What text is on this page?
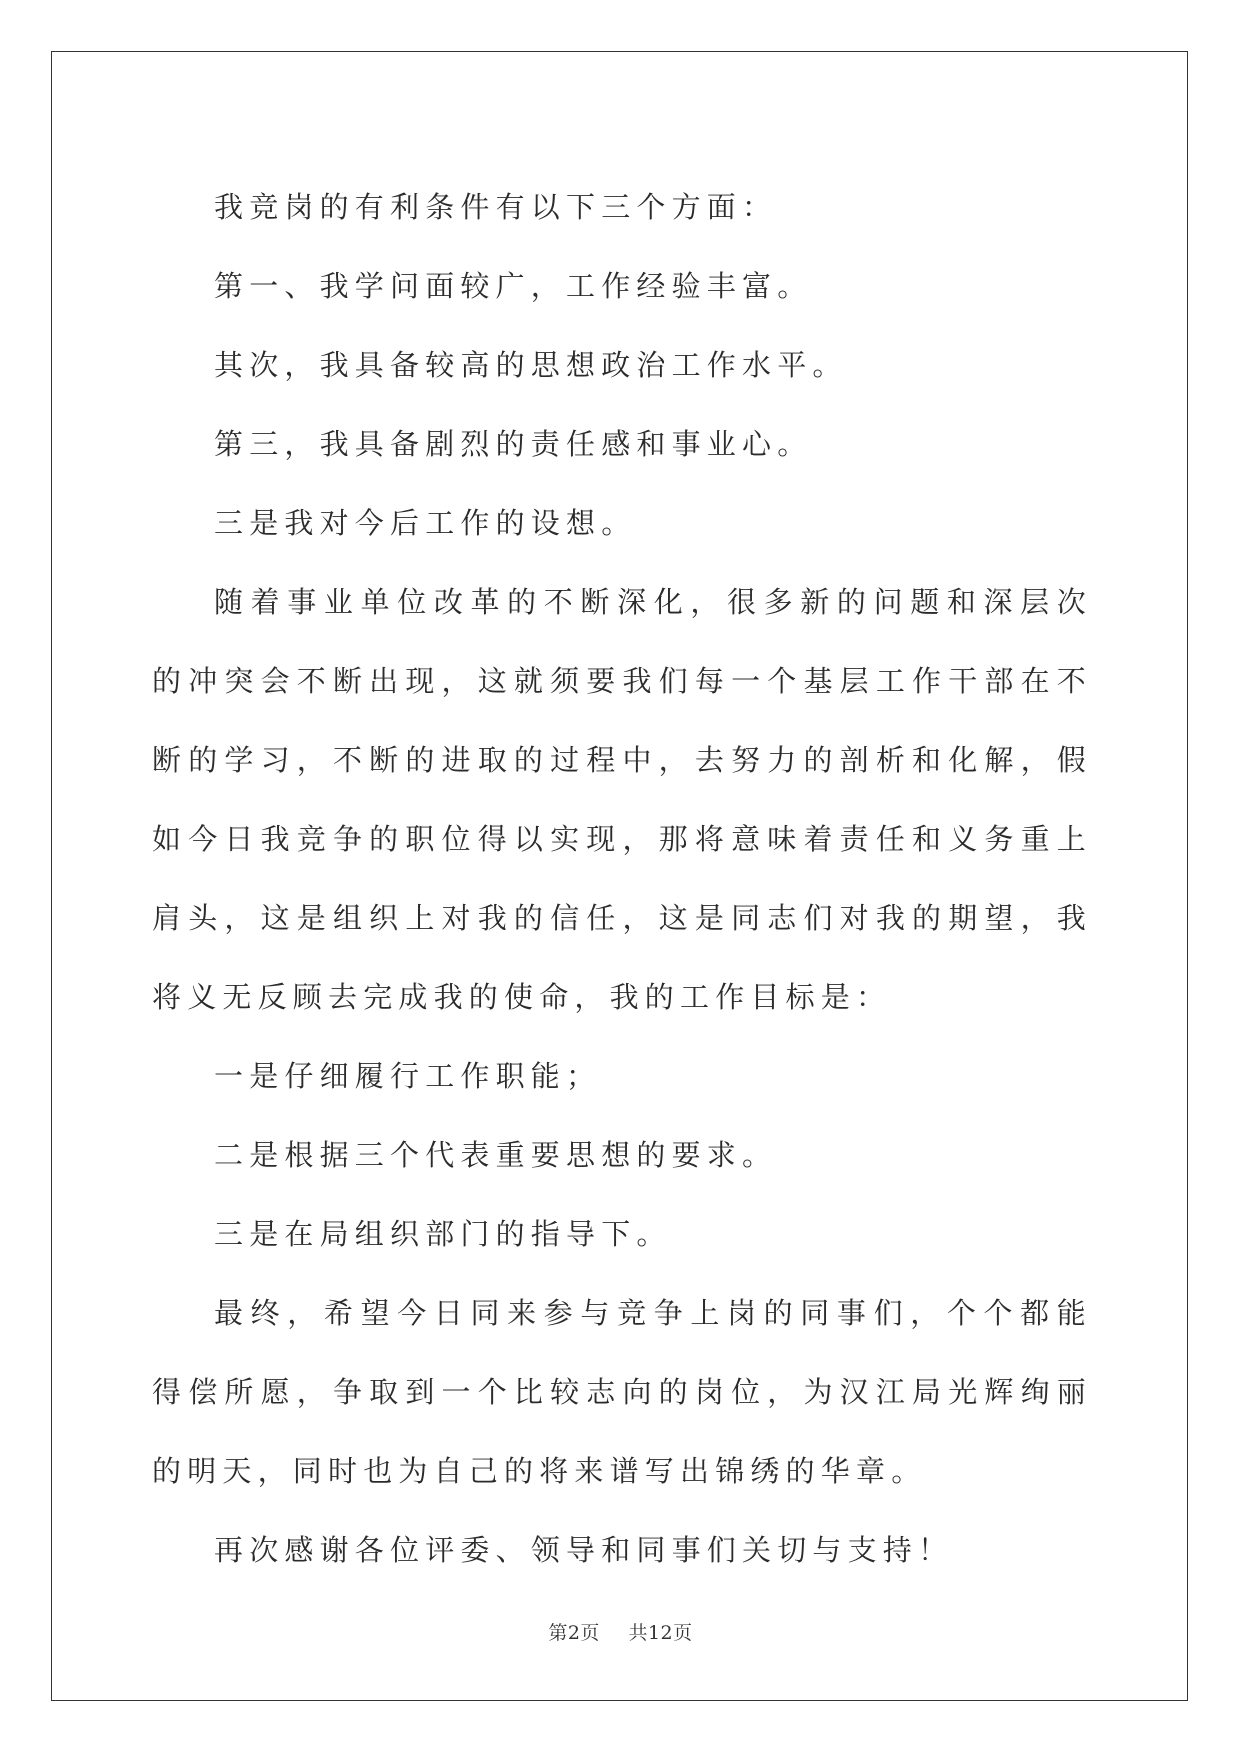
我竞岗的有利条件有以下三个方面：

第一、我学问面较广，工作经验丰富。

其次，我具备较高的思想政治工作水平。

第三，我具备剧烈的责任感和事业心。

三是我对今后工作的设想。

随着事业单位改革的不断深化，很多新的问题和深层次的冲突会不断出现，这就须要我们每一个基层工作干部在不断的学习，不断的进取的过程中，去努力的剖析和化解，假如今日我竞争的职位得以实现，那将意味着责任和义务重上肩头，这是组织上对我的信任，这是同志们对我的期望，我将义无反顾去完成我的使命，我的工作目标是：

一是仔细履行工作职能；

二是根据三个代表重要思想的要求。

三是在局组织部门的指导下。

最终，希望今日同来参与竞争上岗的同事们，个个都能得偿所愿，争取到一个比较志向的岗位，为汉江局光辉绚丽的明天，同时也为自己的将来谱写出锦绣的华章。

再次感谢各位评委、领导和同事们关切与支持！

第2页 共12页
